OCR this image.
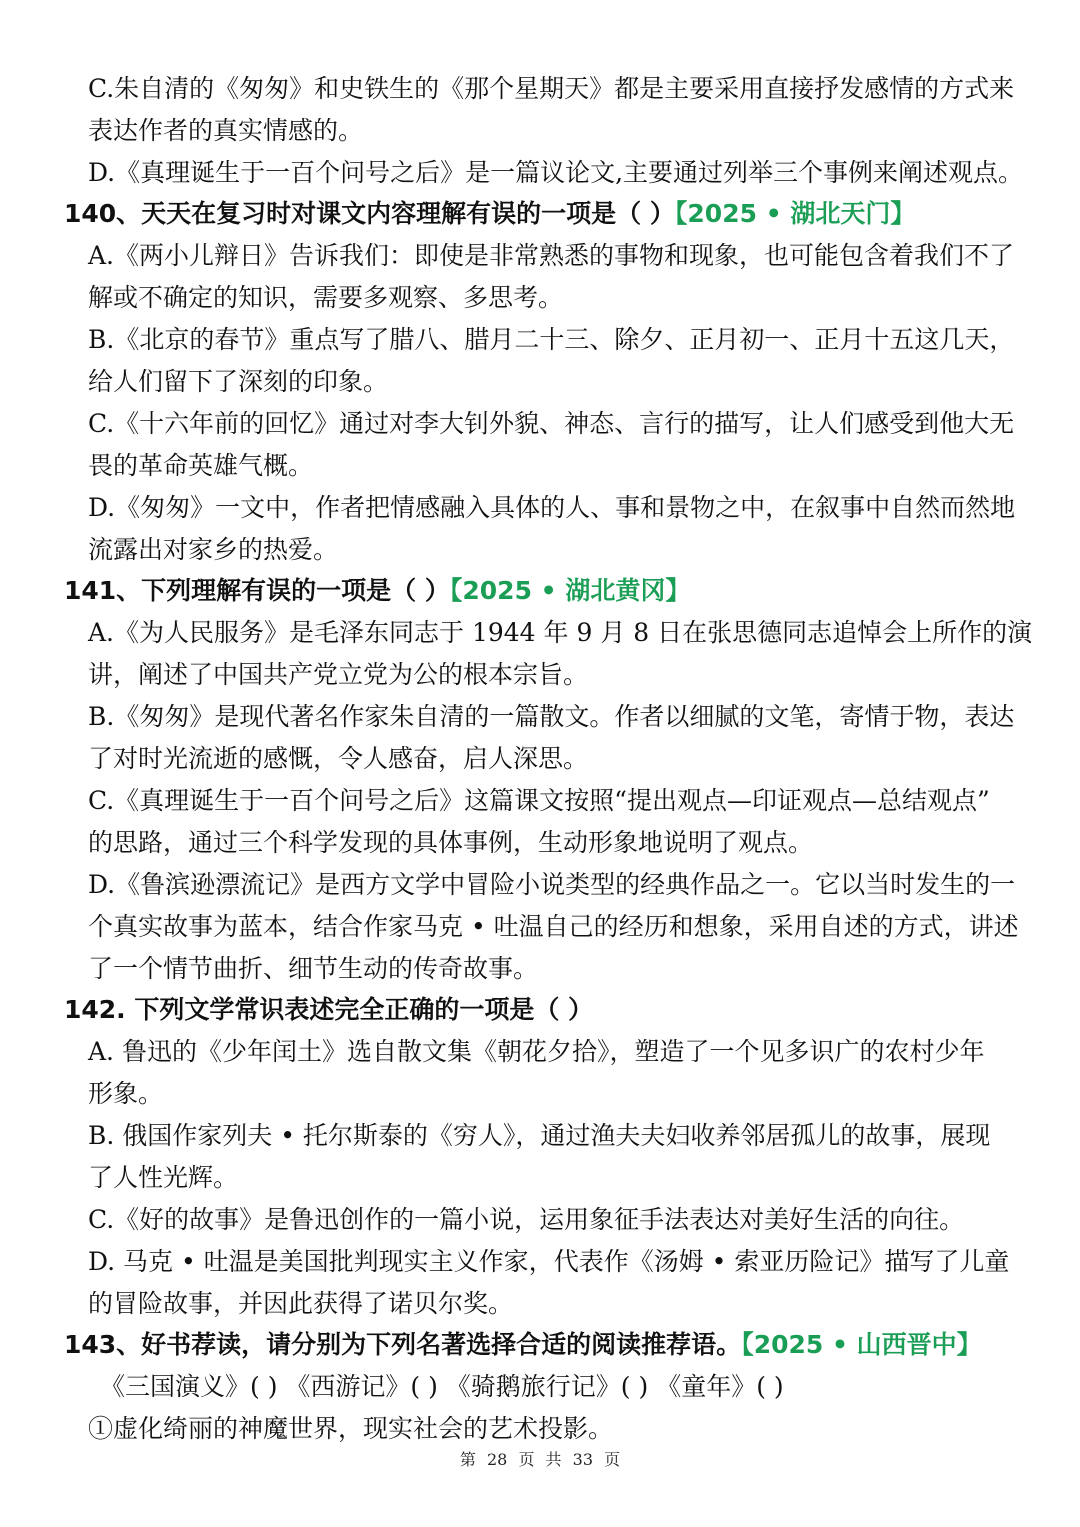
C.朱自清的《匆匆》和史铁生的《那个星期天》都是主要采用直接抒发感情的方式来
表达作者的真实情感的。
D.《真理诞生于一百个问号之后》是一篇议论文,主要通过列举三个事例来阐述观点。
140、天天在复习时对课文内容理解有误的一项是（ ）【2025 • 湖北天门】
A.《两小儿辩日》告诉我们：即使是非常熟悉的事物和现象，也可能包含着我们不了
解或不确定的知识，需要多观察、多思考。
B.《北京的春节》重点写了腊八、腊月二十三、除夕、正月初一、正月十五这几天，
给人们留下了深刻的印象。
C.《十六年前的回忆》通过对李大钊外貌、神态、言行的描写，让人们感受到他大无
畏的革命英雄气概。
D.《匆匆》一文中，作者把情感融入具体的人、事和景物之中，在叙事中自然而然地
流露出对家乡的热爱。
141、下列理解有误的一项是（ ）【2025 • 湖北黄冈】
A.《为人民服务》是毛泽东同志于 1944 年 9 月 8 日在张思德同志追悼会上所作的演
讲，阐述了中国共产党立党为公的根本宗旨。
B.《匆匆》是现代著名作家朱自清的一篇散文。作者以细腻的文笔，寄情于物，表达
了对时光流逝的感慨，令人感奋，启人深思。
C.《真理诞生于一百个问号之后》这篇课文按照“提出观点—印证观点—总结观点”
的思路，通过三个科学发现的具体事例，生动形象地说明了观点。
D.《鲁滨逊漂流记》是西方文学中冒险小说类型的经典作品之一。它以当时发生的一
个真实故事为蓝本，结合作家马克 • 吐温自己的经历和想象，采用自述的方式，讲述
了一个情节曲折、细节生动的传奇故事。
142. 下列文学常识表述完全正确的一项是（ ）
A. 鲁迅的《少年闰土》选自散文集《朝花夕拾》，塑造了一个见多识广的农村少年
形象。
B. 俄国作家列夫 • 托尔斯泰的《穷人》，通过渔夫夫妇收养邻居孤儿的故事，展现
了人性光辉。
C.《好的故事》是鲁迅创作的一篇小说，运用象征手法表达对美好生活的向往。
D. 马克 • 吐温是美国批判现实主义作家，代表作《汤姆 • 索亚历险记》描写了儿童
的冒险故事，并因此获得了诺贝尔奖。
143、好书荐读，请分别为下列名著选择合适的阅读推荐语。【2025 • 山西晋中】
《三国演义》( ) 《西游记》( ) 《骑鹅旅行记》( ) 《童年》( )
①虚化绮丽的神魔世界，现实社会的艺术投影。
第 28 页 共 33 页
